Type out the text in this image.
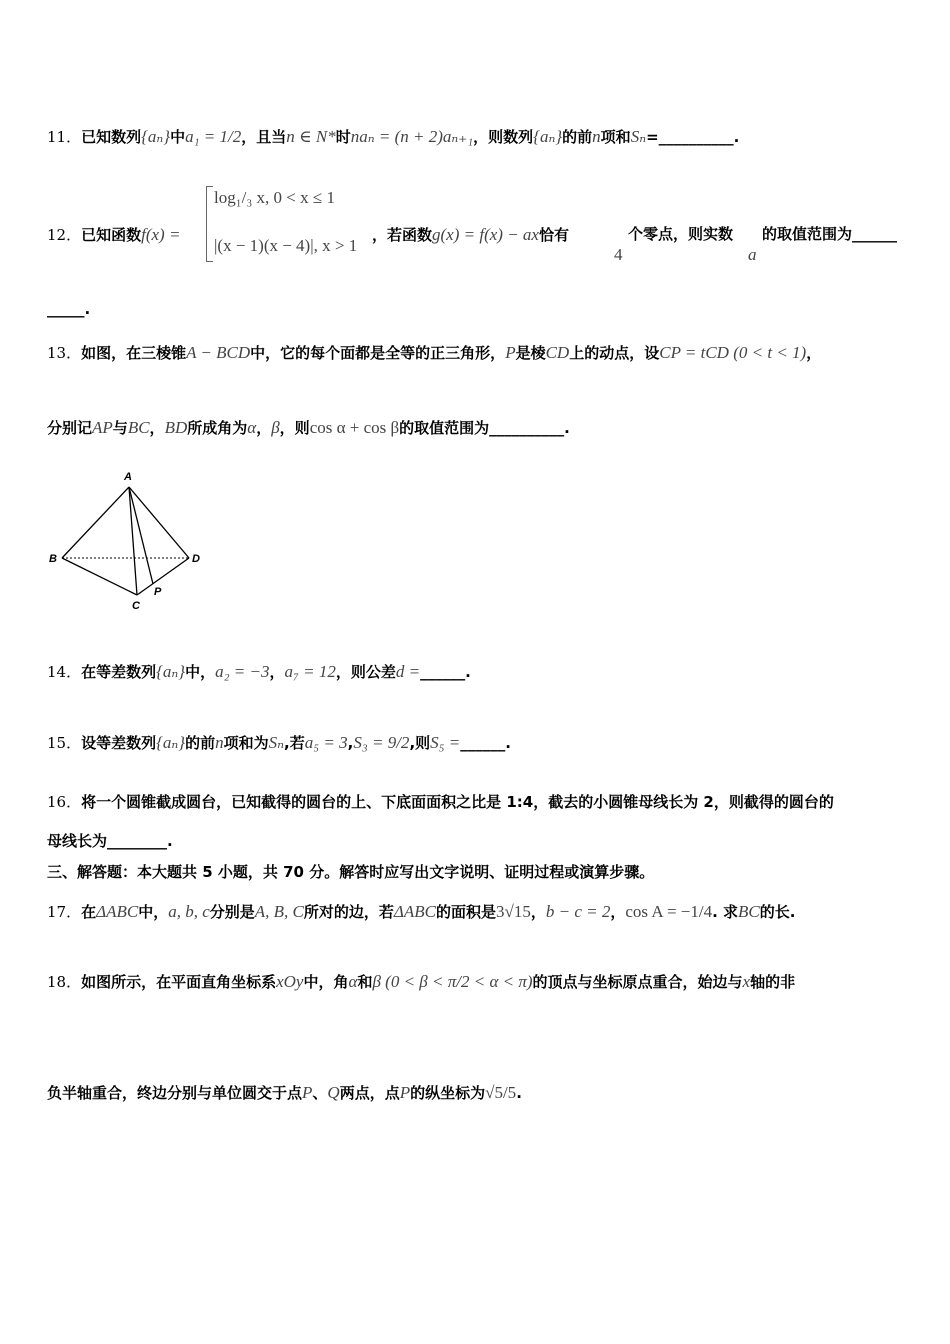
11．已知数列{aₙ}中a₁ = 1/2，且当n ∈ N*时naₙ = (n + 2)aₙ₊₁，则数列{aₙ}的前n项和Sₙ=__________.
log₁/₃ x, 0 < x ≤ 1
|(x − 1)(x − 4)|, x > 1
12．已知函数f(x) =	，若函数g(x) = f(x) − ax恰有
4
个零点，则实数
a
的取值范围为______
_____.
13．如图，在三棱锥A − BCD中，它的每个面都是全等的正三角形，P是棱CD上的动点，设CP = tCD (0 < t < 1)，
分别记AP与BC，BD所成角为α，β，则cos α + cos β的取值范围为__________.
A
B
C
D
P
14．在等差数列{aₙ}中，a₂ = −3，a₇ = 12，则公差d =______.
15．设等差数列{aₙ}的前n项和为Sₙ,若a₅ = 3,S₃ = 9/2,则S₅ =______.
16．将一个圆锥截成圆台，已知截得的圆台的上、下底面面积之比是 1:4，截去的小圆锥母线长为 2，则截得的圆台的
母线长为________.
三、解答题：本大题共 5 小题，共 70 分。解答时应写出文字说明、证明过程或演算步骤。
17．在ΔABC中，a, b, c分别是A, B, C所对的边，若ΔABC的面积是3√15，b − c = 2，cos A = −1/4. 求BC的长.
18．如图所示，在平面直角坐标系xOy中，角α和β (0 < β < π/2 < α < π)的顶点与坐标原点重合，始边与x轴的非
负半轴重合，终边分别与单位圆交于点P、Q两点，点P的纵坐标为√5/5.
